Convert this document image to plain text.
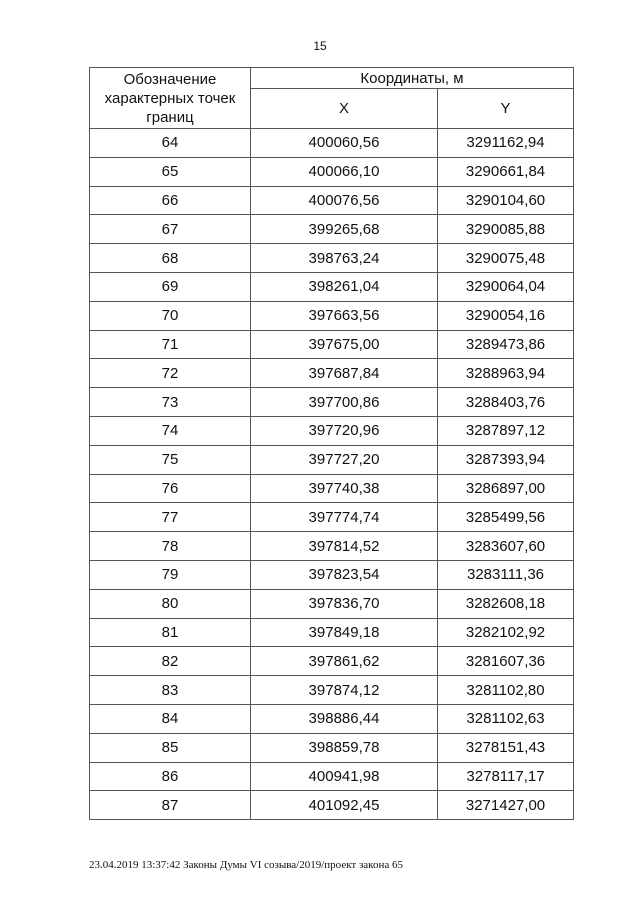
15
Обозначение характерных точек границ	Координаты, м	
	X	Y
64	400060,56	3291162,94
65	400066,10	3290661,84
66	400076,56	3290104,60
67	399265,68	3290085,88
68	398763,24	3290075,48
69	398261,04	3290064,04
70	397663,56	3290054,16
71	397675,00	3289473,86
72	397687,84	3288963,94
73	397700,86	3288403,76
74	397720,96	3287897,12
75	397727,20	3287393,94
76	397740,38	3286897,00
77	397774,74	3285499,56
78	397814,52	3283607,60
79	397823,54	3283111,36
80	397836,70	3282608,18
81	397849,18	3282102,92
82	397861,62	3281607,36
83	397874,12	3281102,80
84	398886,44	3281102,63
85	398859,78	3278151,43
86	400941,98	3278117,17
87	401092,45	3271427,00
23.04.2019 13:37:42 Законы Думы VI созыва/2019/проект закона 65
